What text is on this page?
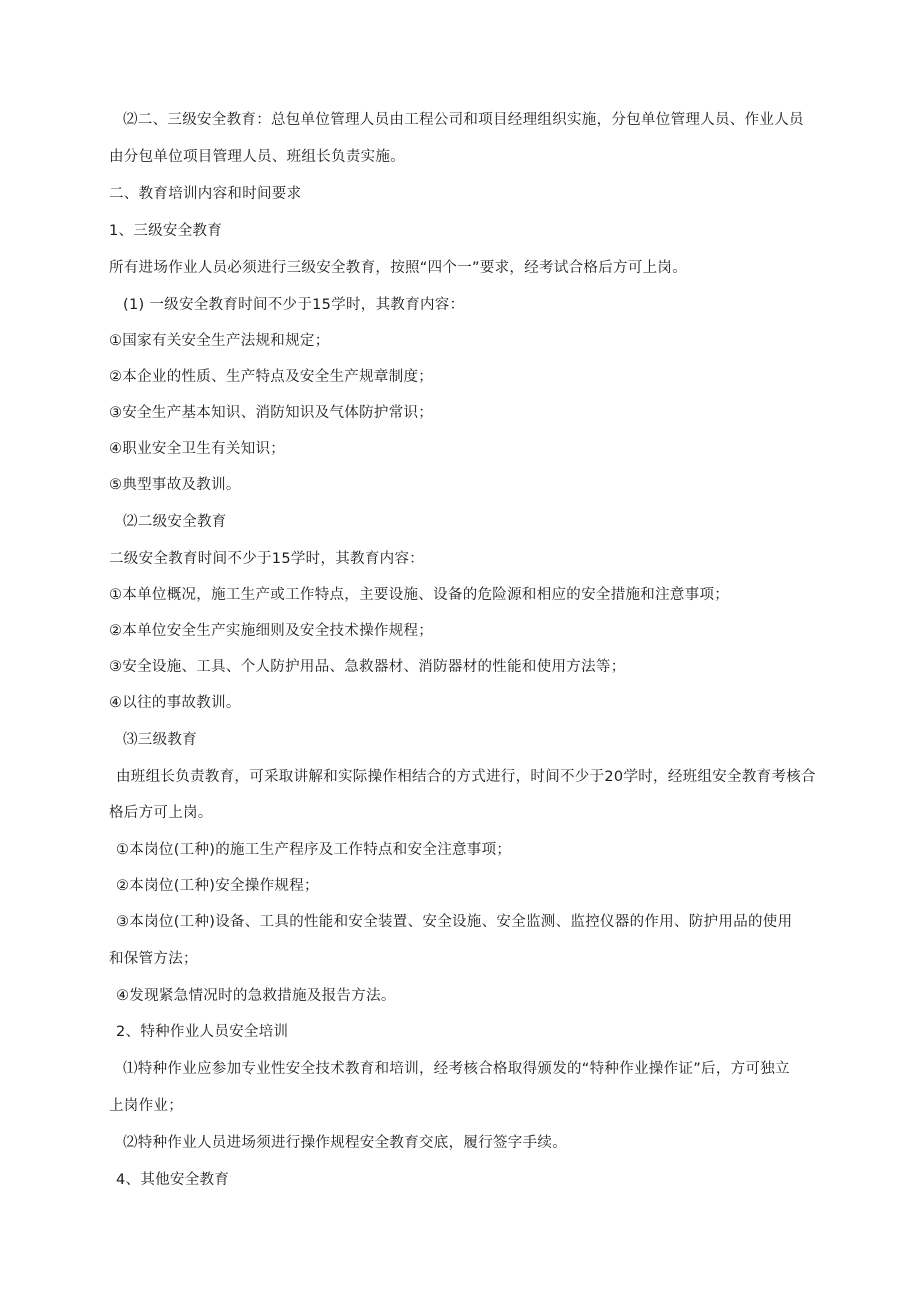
⑵二、三级安全教育：总包单位管理人员由工程公司和项目经理组织实施，分包单位管理人员、作业人员
由分包单位项目管理人员、班组长负责实施。
二、教育培训内容和时间要求
1、三级安全教育
所有进场作业人员必须进行三级安全教育，按照“四个一”要求，经考试合格后方可上岗。
(1) 一级安全教育时间不少于15学时，其教育内容：
①国家有关安全生产法规和规定；
②本企业的性质、生产特点及安全生产规章制度；
③安全生产基本知识、消防知识及气体防护常识；
④职业安全卫生有关知识；
⑤典型事故及教训。
⑵二级安全教育
二级安全教育时间不少于15学时，其教育内容：
①本单位概况，施工生产或工作特点，主要设施、设备的危险源和相应的安全措施和注意事项；
②本单位安全生产实施细则及安全技术操作规程；
③安全设施、工具、个人防护用品、急救器材、消防器材的性能和使用方法等；
④以往的事故教训。
⑶三级教育
由班组长负责教育，可采取讲解和实际操作相结合的方式进行，时间不少于20学时，经班组安全教育考核合
格后方可上岗。
①本岗位(工种)的施工生产程序及工作特点和安全注意事项；
②本岗位(工种)安全操作规程；
③本岗位(工种)设备、工具的性能和安全装置、安全设施、安全监测、监控仪器的作用、防护用品的使用
和保管方法；
④发现紧急情况时的急救措施及报告方法。
2、特种作业人员安全培训
⑴特种作业应参加专业性安全技术教育和培训，经考核合格取得颁发的“特种作业操作证”后，方可独立
上岗作业；
⑵特种作业人员进场须进行操作规程安全教育交底，履行签字手续。
4、其他安全教育
